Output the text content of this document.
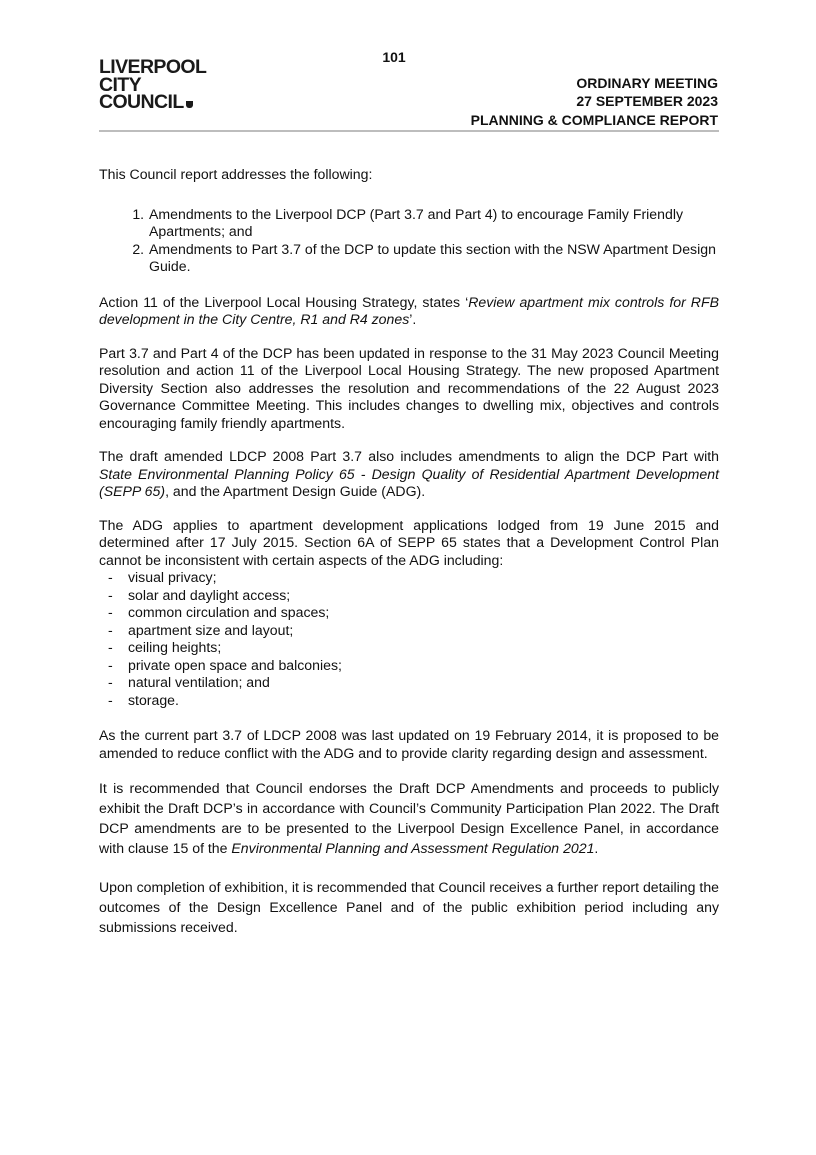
101
LIVERPOOL
CITY
COUNCIL
ORDINARY MEETING
27 SEPTEMBER 2023
PLANNING & COMPLIANCE REPORT

This Council report addresses the following:

1. Amendments to the Liverpool DCP (Part 3.7 and Part 4) to encourage Family Friendly Apartments; and
2. Amendments to Part 3.7 of the DCP to update this section with the NSW Apartment Design Guide.

Action 11 of the Liverpool Local Housing Strategy, states ‘Review apartment mix controls for RFB development in the City Centre, R1 and R4 zones’.

Part 3.7 and Part 4 of the DCP has been updated in response to the 31 May 2023 Council Meeting resolution and action 11 of the Liverpool Local Housing Strategy. The new proposed Apartment Diversity Section also addresses the resolution and recommendations of the 22 August 2023 Governance Committee Meeting. This includes changes to dwelling mix, objectives and controls encouraging family friendly apartments.

The draft amended LDCP 2008 Part 3.7 also includes amendments to align the DCP Part with State Environmental Planning Policy 65 - Design Quality of Residential Apartment Development (SEPP 65), and the Apartment Design Guide (ADG).

The ADG applies to apartment development applications lodged from 19 June 2015 and determined after 17 July 2015. Section 6A of SEPP 65 states that a Development Control Plan cannot be inconsistent with certain aspects of the ADG including:

- visual privacy;
- solar and daylight access;
- common circulation and spaces;
- apartment size and layout;
- ceiling heights;
- private open space and balconies;
- natural ventilation; and
- storage.

As the current part 3.7 of LDCP 2008 was last updated on 19 February 2014, it is proposed to be amended to reduce conflict with the ADG and to provide clarity regarding design and assessment.

It is recommended that Council endorses the Draft DCP Amendments and proceeds to publicly exhibit the Draft DCP’s in accordance with Council’s Community Participation Plan 2022. The Draft DCP amendments are to be presented to the Liverpool Design Excellence Panel, in accordance with clause 15 of the Environmental Planning and Assessment Regulation 2021.

Upon completion of exhibition, it is recommended that Council receives a further report detailing the outcomes of the Design Excellence Panel and of the public exhibition period including any submissions received.
